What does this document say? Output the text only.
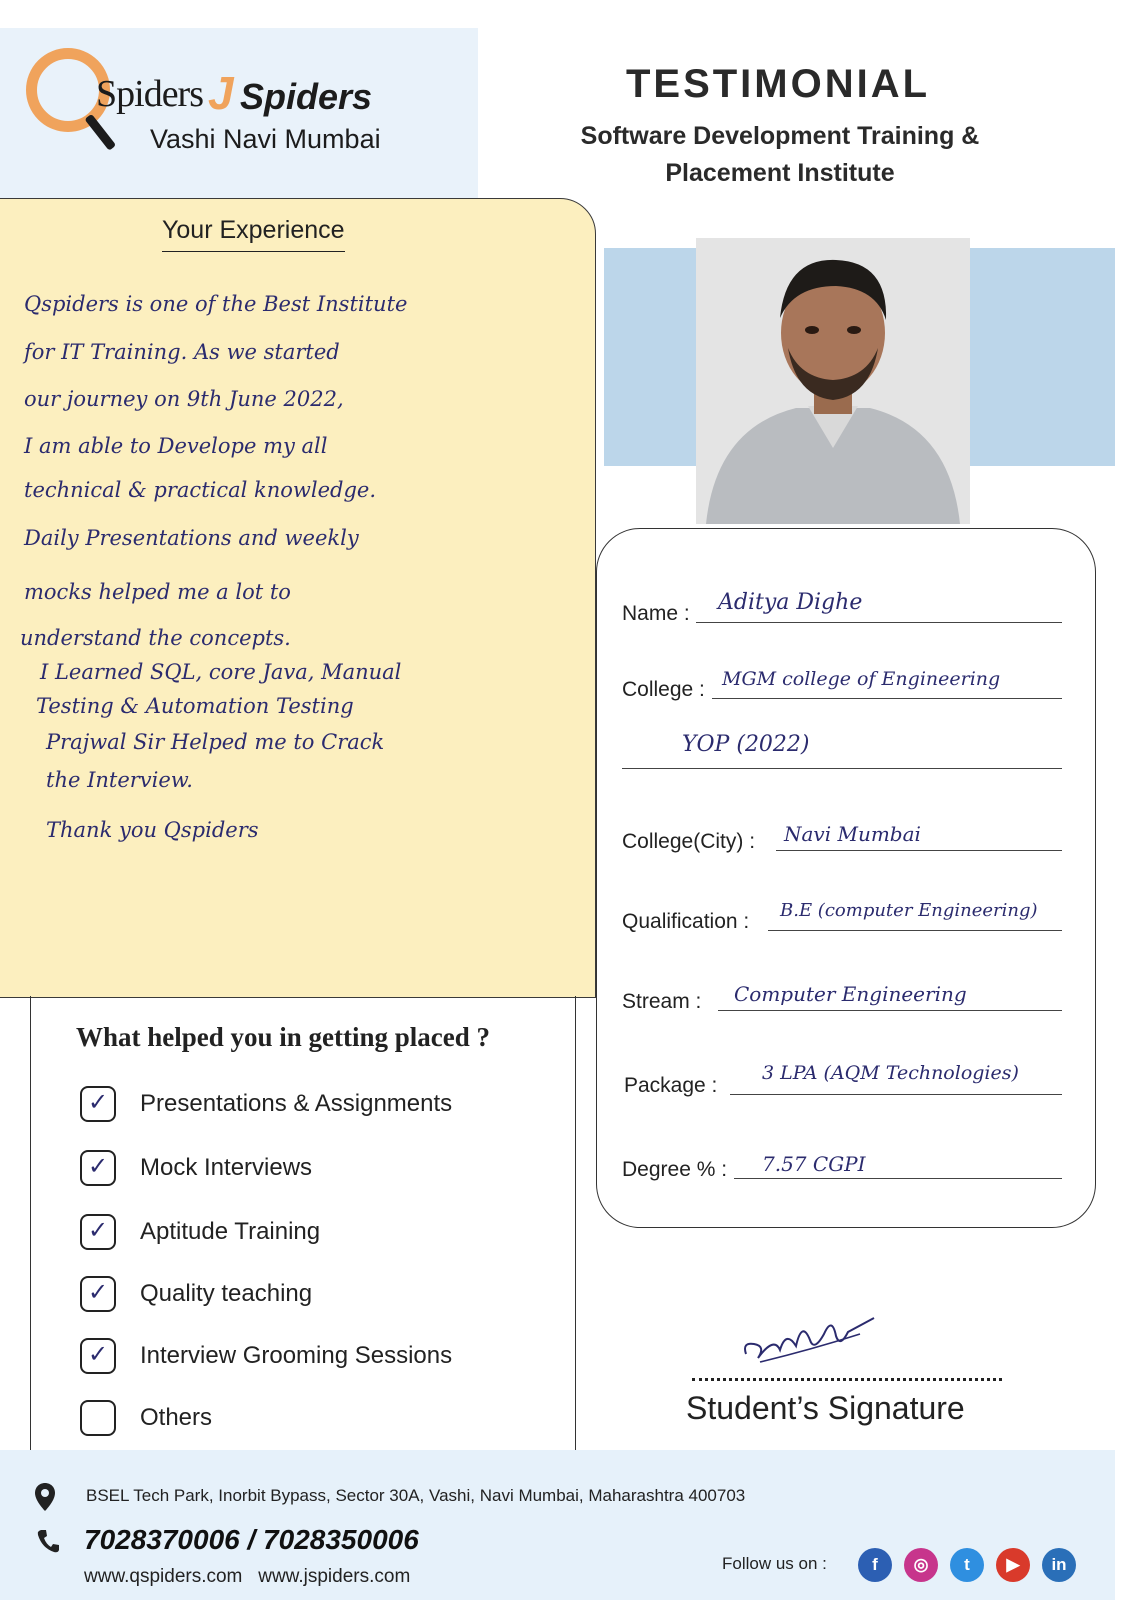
Spiders J Spiders
Vashi Navi Mumbai
TESTIMONIAL
Software Development Training &
Placement Institute
Your Experience
Qspiders is one of the Best Institute
for IT Training. As we started
our journey on 9th June 2022,
I am able to Develope my all
technical & practical knowledge.
Daily Presentations and weekly
mocks helped me a lot to
understand the concepts.
I Learned SQL, core Java, Manual
Testing & Automation Testing
Prajwal Sir Helped me to Crack
the Interview.
Thank you Qspiders
Name : Aditya Dighe
College : MGM college of Engineering
YOP (2022)
College(City) : Navi Mumbai
Qualification : B.E (computer Engineering)
Stream : Computer Engineering
Package :
3 LPA (AQM Technologies)
Degree % : 7.57 CGPI
What helped you in getting placed ?
✓ Presentations & Assignments
✓ Mock Interviews
✓ Aptitude Training
✓ Quality teaching
✓ Interview Grooming Sessions
Others	Student’s Signature
BSEL Tech Park, Inorbit Bypass, Sector 30A, Vashi, Navi Mumbai, Maharashtra 400703
7028370006 / 7028350006
www.qspiders.com www.jspiders.com
Follow us on :	f	◎	t	▶	in
